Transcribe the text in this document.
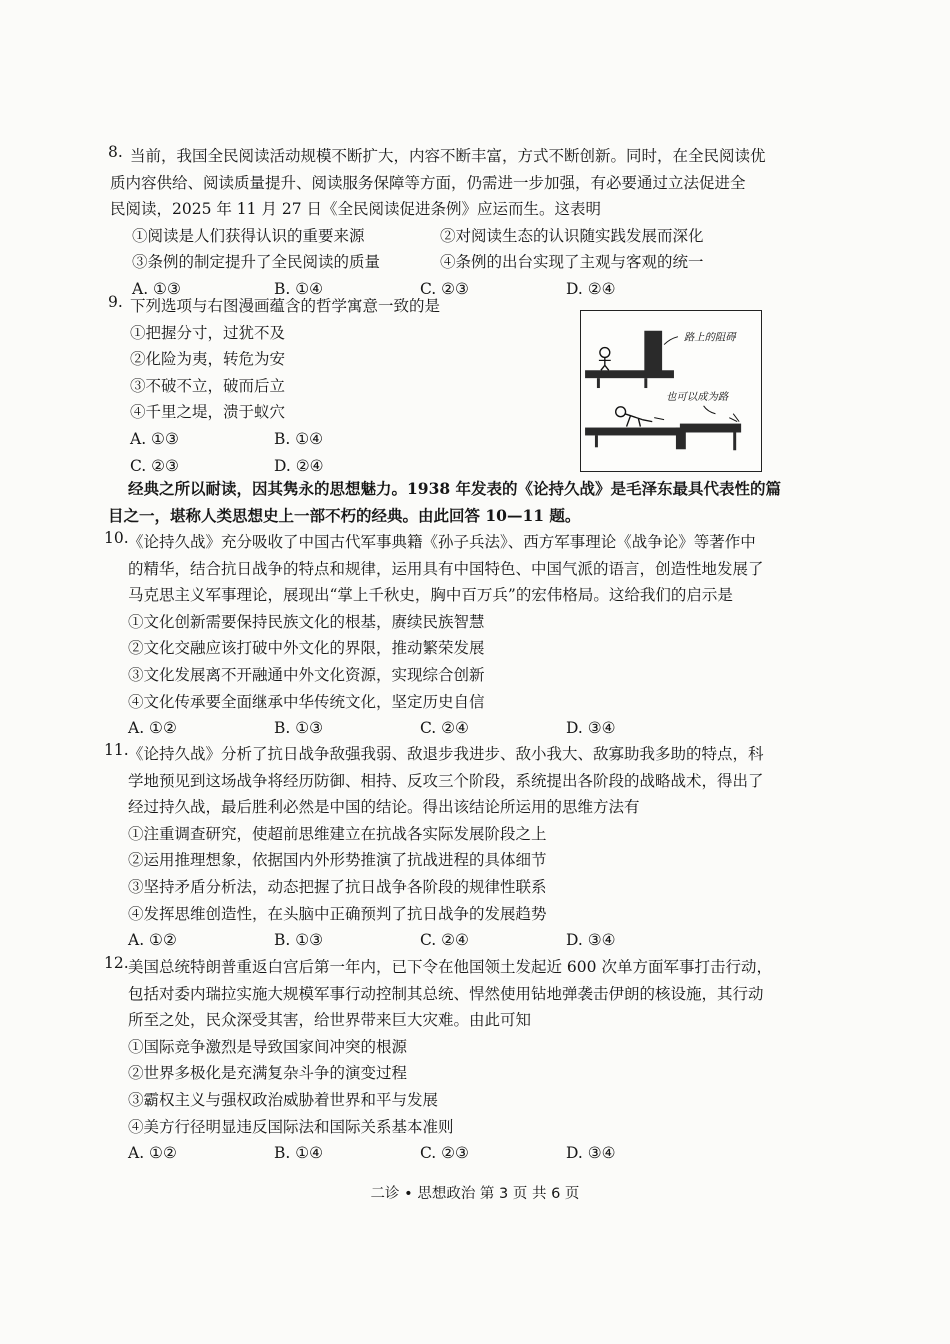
8. 当前，我国全民阅读活动规模不断扩大，内容不断丰富，方式不断创新。同时，在全民阅读优
质内容供给、阅读质量提升、阅读服务保障等方面，仍需进一步加强，有必要通过立法促进全
民阅读，2025 年 11 月 27 日《全民阅读促进条例》应运而生。这表明
①阅读是人们获得认识的重要来源	②对阅读生态的认识随实践发展而深化
③条例的制定提升了全民阅读的质量	④条例的出台实现了主观与客观的统一
A. ①③	B. ①④	C. ②③	D. ②④
9. 下列选项与右图漫画蕴含的哲学寓意一致的是
①把握分寸，过犹不及
②化险为夷，转危为安
③不破不立，破而后立
④千里之堤，溃于蚁穴
A. ①③	B. ①④
C. ②③	D. ②④
路上的阻碍
也可以成为路
经典之所以耐读，因其隽永的思想魅力。1938 年发表的《论持久战》是毛泽东最具代表性的篇
目之一，堪称人类思想史上一部不朽的经典。由此回答 10—11 题。
10. 《论持久战》充分吸收了中国古代军事典籍《孙子兵法》、西方军事理论《战争论》等著作中
的精华，结合抗日战争的特点和规律，运用具有中国特色、中国气派的语言，创造性地发展了
马克思主义军事理论，展现出“掌上千秋史，胸中百万兵”的宏伟格局。这给我们的启示是
①文化创新需要保持民族文化的根基，赓续民族智慧
②文化交融应该打破中外文化的界限，推动繁荣发展
③文化发展离不开融通中外文化资源，实现综合创新
④文化传承要全面继承中华传统文化，坚定历史自信
A. ①②	B. ①③	C. ②④	D. ③④
11. 《论持久战》分析了抗日战争敌强我弱、敌退步我进步、敌小我大、敌寡助我多助的特点，科
学地预见到这场战争将经历防御、相持、反攻三个阶段，系统提出各阶段的战略战术，得出了
经过持久战，最后胜利必然是中国的结论。得出该结论所运用的思维方法有
①注重调查研究，使超前思维建立在抗战各实际发展阶段之上
②运用推理想象，依据国内外形势推演了抗战进程的具体细节
③坚持矛盾分析法，动态把握了抗日战争各阶段的规律性联系
④发挥思维创造性，在头脑中正确预判了抗日战争的发展趋势
A. ①②	B. ①③	C. ②④	D. ③④
12. 美国总统特朗普重返白宫后第一年内，已下令在他国领土发起近 600 次单方面军事打击行动，
包括对委内瑞拉实施大规模军事行动控制其总统、悍然使用钻地弹袭击伊朗的核设施，其行动
所至之处，民众深受其害，给世界带来巨大灾难。由此可知
①国际竞争激烈是导致国家间冲突的根源
②世界多极化是充满复杂斗争的演变过程
③霸权主义与强权政治威胁着世界和平与发展
④美方行径明显违反国际法和国际关系基本准则
A. ①②	B. ①④	C. ②③	D. ③④
二诊 • 思想政治 第 3 页 共 6 页
